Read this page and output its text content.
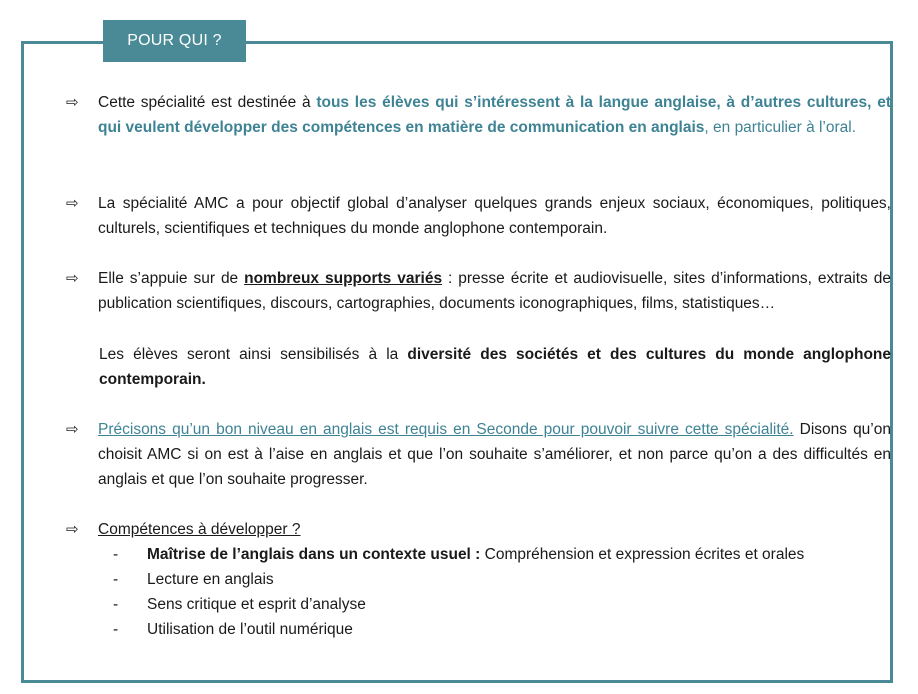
POUR QUI ?
⇨	Cette spécialité est destinée à tous les élèves qui s’intéressent à la langue anglaise, à d’autres cultures, et qui veulent développer des compétences en matière de communication en anglais, en particulier à l’oral.
⇨	La spécialité AMC a pour objectif global d’analyser quelques grands enjeux sociaux, économiques, politiques, culturels, scientifiques et techniques du monde anglophone contemporain.
⇨	Elle s’appuie sur de nombreux supports variés : presse écrite et audiovisuelle, sites d’informations, extraits de publication scientifiques, discours, cartographies, documents iconographiques, films, statistiques…
Les élèves seront ainsi sensibilisés à la diversité des sociétés et des cultures du monde anglophone contemporain.
⇨	Précisons qu’un bon niveau en anglais est requis en Seconde pour pouvoir suivre cette spécialité. Disons qu’on choisit AMC si on est à l’aise en anglais et que l’on souhaite s’améliorer, et non parce qu’on a des difficultés en anglais et que l’on souhaite progresser.
⇨	Compétences à développer ?
- Maîtrise de l’anglais dans un contexte usuel : Compréhension et expression écrites et orales
- Lecture en anglais
- Sens critique et esprit d’analyse
- Utilisation de l’outil numérique
